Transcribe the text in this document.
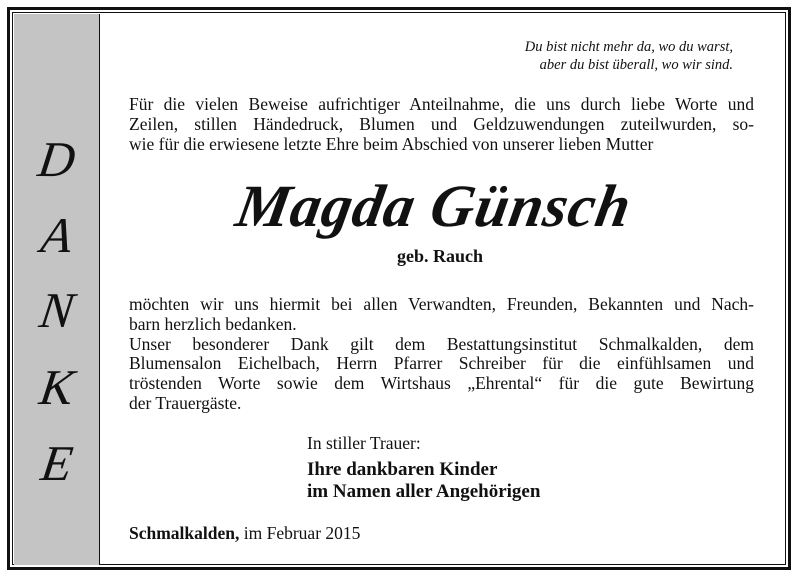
D
A
N
K
E
Du bist nicht mehr da, wo du warst,
aber du bist überall, wo wir sind.
Für die vielen Beweise aufrichtiger Anteilnahme, die uns durch liebe Worte und
Zeilen, stillen Händedruck, Blumen und Geldzuwendungen zuteilwurden, so-
wie für die erwiesene letzte Ehre beim Abschied von unserer lieben Mutter
Magda Günsch
geb. Rauch
möchten wir uns hiermit bei allen Verwandten, Freunden, Bekannten und Nach-
barn herzlich bedanken.
Unser besonderer Dank gilt dem Bestattungsinstitut Schmalkalden, dem
Blumensalon Eichelbach, Herrn Pfarrer Schreiber für die einfühlsamen und
tröstenden Worte sowie dem Wirtshaus „Ehrental“ für die gute Bewirtung
der Trauergäste.
In stiller Trauer:
Ihre dankbaren Kinder
im Namen aller Angehörigen
Schmalkalden, im Februar 2015
